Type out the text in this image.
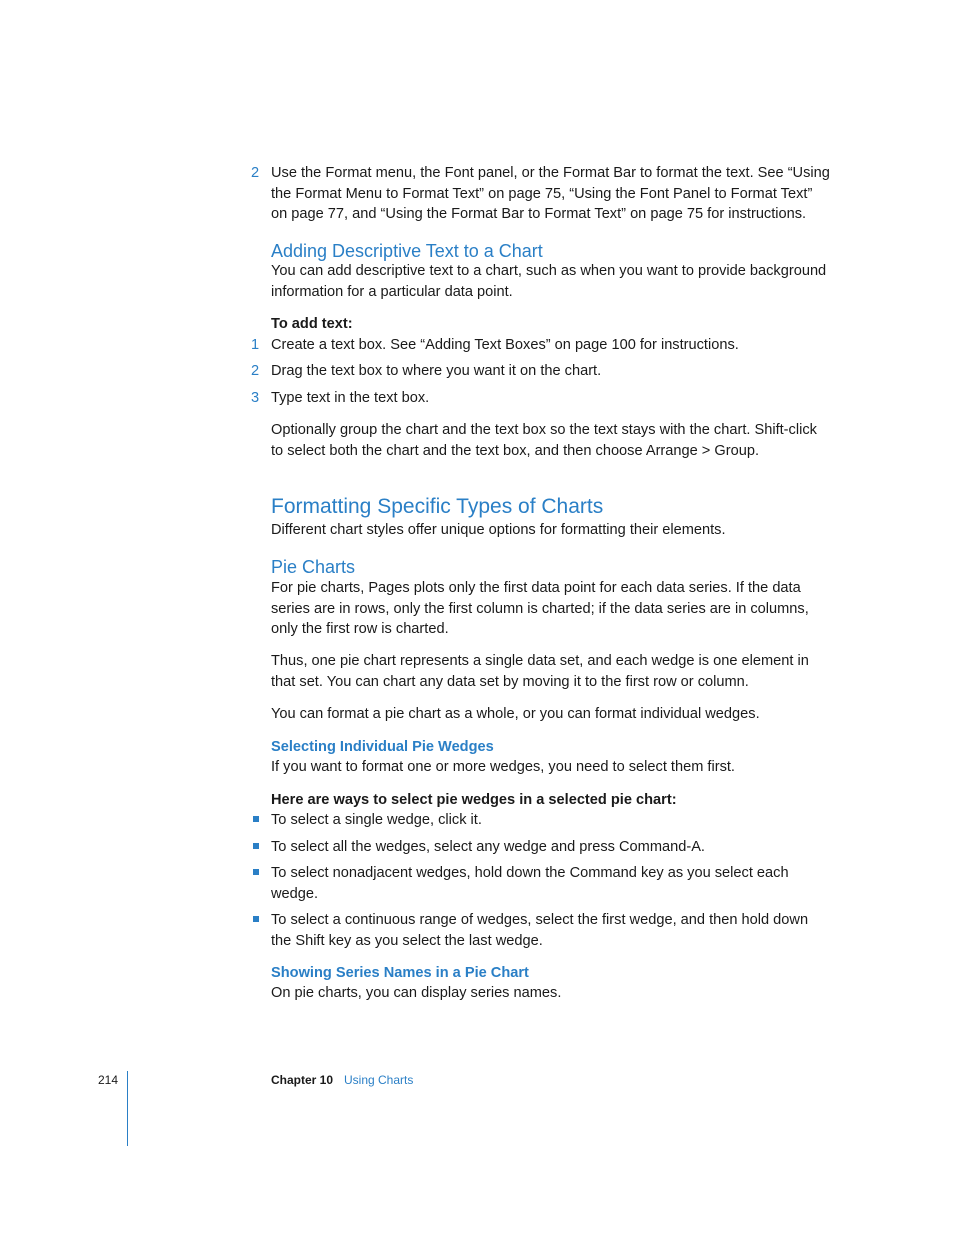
2 Use the Format menu, the Font panel, or the Format Bar to format the text. See “Using the Format Menu to Format Text” on page 75, “Using the Font Panel to Format Text” on page 77, and “Using the Format Bar to Format Text” on page 75 for instructions.
Adding Descriptive Text to a Chart
You can add descriptive text to a chart, such as when you want to provide background information for a particular data point.
To add text:
1 Create a text box. See “Adding Text Boxes” on page 100 for instructions.
2 Drag the text box to where you want it on the chart.
3 Type text in the text box.
Optionally group the chart and the text box so the text stays with the chart. Shift-click to select both the chart and the text box, and then choose Arrange > Group.
Formatting Specific Types of Charts
Different chart styles offer unique options for formatting their elements.
Pie Charts
For pie charts, Pages plots only the first data point for each data series. If the data series are in rows, only the first column is charted; if the data series are in columns, only the first row is charted.
Thus, one pie chart represents a single data set, and each wedge is one element in that set. You can chart any data set by moving it to the first row or column.
You can format a pie chart as a whole, or you can format individual wedges.
Selecting Individual Pie Wedges
If you want to format one or more wedges, you need to select them first.
Here are ways to select pie wedges in a selected pie chart:
To select a single wedge, click it.
To select all the wedges, select any wedge and press Command-A.
To select nonadjacent wedges, hold down the Command key as you select each wedge.
To select a continuous range of wedges, select the first wedge, and then hold down the Shift key as you select the last wedge.
Showing Series Names in a Pie Chart
On pie charts, you can display series names.
214	Chapter 10 Using Charts
